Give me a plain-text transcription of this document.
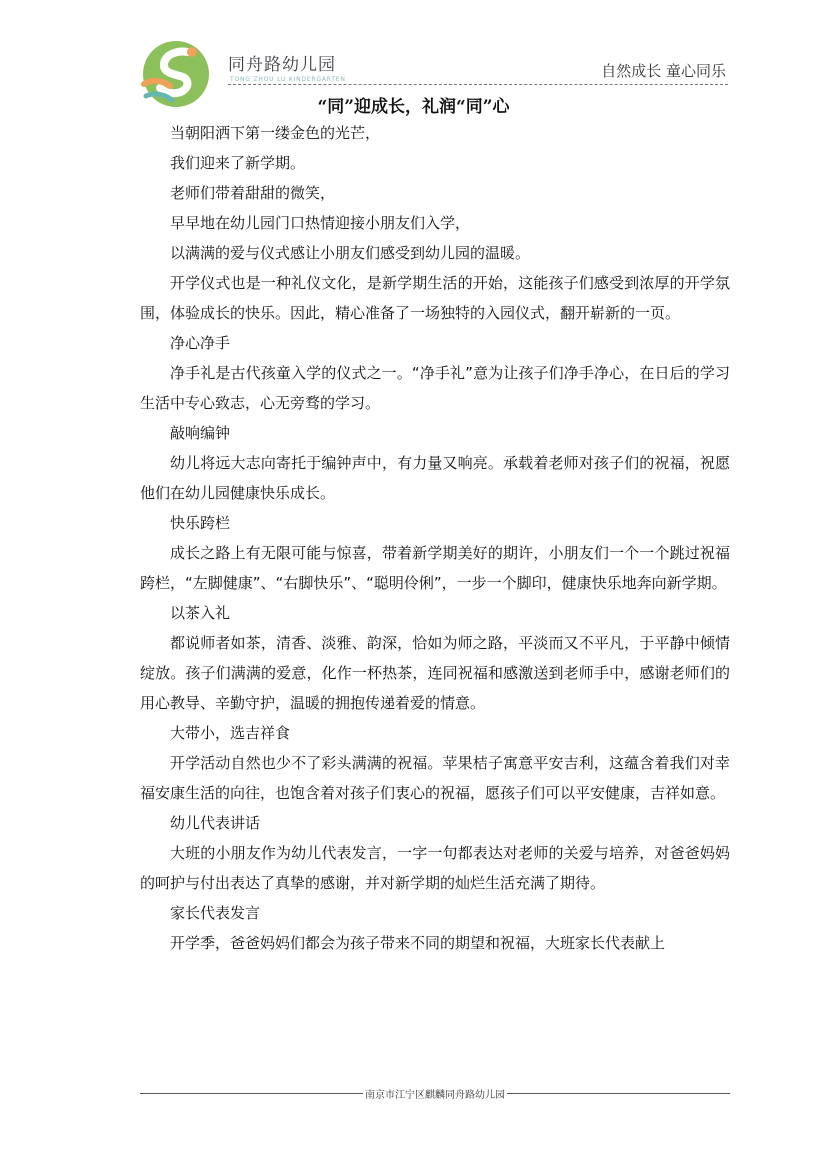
同舟路幼儿园
TONG ZHOU LU KINDERGARTEN	自然成长 童心同乐
“同”迎成长，礼润“同”心

当朝阳洒下第一缕金色的光芒，

我们迎来了新学期。

老师们带着甜甜的微笑，

早早地在幼儿园门口热情迎接小朋友们入学，

以满满的爱与仪式感让小朋友们感受到幼儿园的温暖。

开学仪式也是一种礼仪文化，是新学期生活的开始，这能孩子们感受到浓厚的开学氛围，体验成长的快乐。因此，精心准备了一场独特的入园仪式，翻开崭新的一页。

净心净手

净手礼是古代孩童入学的仪式之一。“净手礼”意为让孩子们净手净心，在日后的学习生活中专心致志，心无旁骛的学习。

敲响编钟

幼儿将远大志向寄托于编钟声中，有力量又响亮。承载着老师对孩子们的祝福，祝愿他们在幼儿园健康快乐成长。

快乐跨栏

成长之路上有无限可能与惊喜，带着新学期美好的期许，小朋友们一个一个跳过祝福跨栏，“左脚健康”、“右脚快乐”、“聪明伶俐”，一步一个脚印，健康快乐地奔向新学期。

以茶入礼

都说师者如茶，清香、淡雅、韵深，恰如为师之路，平淡而又不平凡，于平静中倾情绽放。孩子们满满的爱意，化作一杯热茶，连同祝福和感激送到老师手中，感谢老师们的用心教导、辛勤守护，温暖的拥抱传递着爱的情意。

大带小，选吉祥食

开学活动自然也少不了彩头满满的祝福。苹果桔子寓意平安吉利，这蕴含着我们对幸福安康生活的向往，也饱含着对孩子们衷心的祝福，愿孩子们可以平安健康，吉祥如意。

幼儿代表讲话

大班的小朋友作为幼儿代表发言，一字一句都表达对老师的关爱与培养，对爸爸妈妈的呵护与付出表达了真挚的感谢，并对新学期的灿烂生活充满了期待。

家长代表发言

开学季，爸爸妈妈们都会为孩子带来不同的期望和祝福，大班家长代表献上

南京市江宁区麒麟同舟路幼儿园
